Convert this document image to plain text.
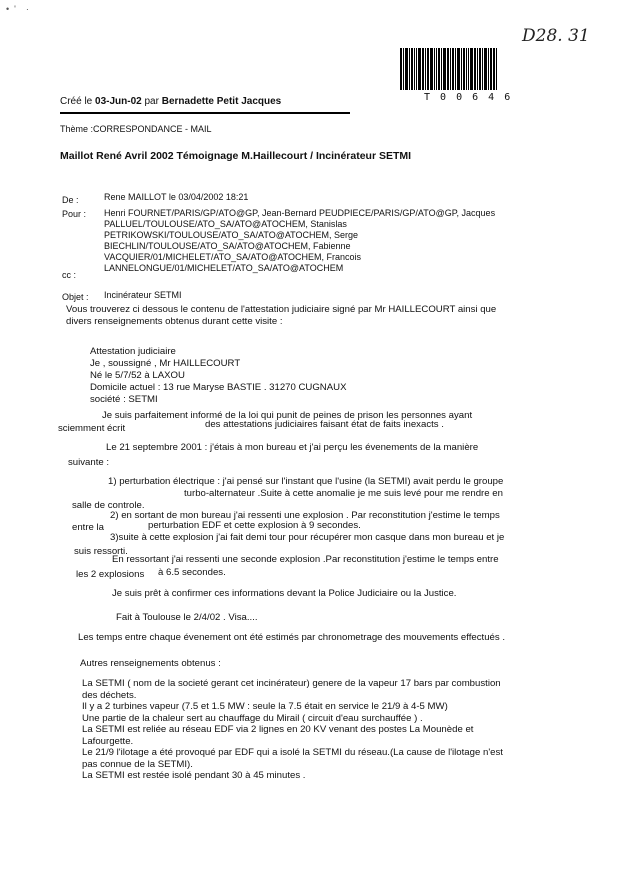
•  '    ·
D28. 31
T 0 0 6 4 6
Créé le 03-Jun-02 par Bernadette Petit Jacques
Thème :CORRESPONDANCE - MAIL
Maillot René Avril 2002 Témoignage M.Haillecourt / Incinérateur SETMI
De :	Rene MAILLOT le 03/04/2002 18:21
Pour : Henri FOURNET/PARIS/GP/ATO@GP, Jean-Bernard PEUDPIECE/PARIS/GP/ATO@GP, Jacques
PALLUEL/TOULOUSE/ATO_SA/ATO@ATOCHEM, Stanislas
PETRIKOWSKI/TOULOUSE/ATO_SA/ATO@ATOCHEM, Serge
BIECHLIN/TOULOUSE/ATO_SA/ATO@ATOCHEM, Fabienne
VACQUIER/01/MICHELET/ATO_SA/ATO@ATOCHEM, Francois
LANNELONGUE/01/MICHELET/ATO_SA/ATO@ATOCHEM
cc :
Objet : Incinérateur SETMI
Vous trouverez ci dessous le contenu de l'attestation judiciaire signé par Mr HAILLECOURT ainsi que
divers renseignements obtenus durant cette visite :
Attestation judiciaire
Je , soussigné , Mr HAILLECOURT
Né le 5/7/52 à LAXOU
Domicile actuel : 13 rue Maryse BASTIE . 31270 CUGNAUX
société : SETMI
Je suis parfaitement informé de la loi qui punit de peines de prison les personnes ayant
sciemment écrit	des attestations judiciaires faisant état de faits inexacts .
Le 21 septembre 2001 : j'étais à mon bureau et j'ai perçu les évenements de la manière
suivante :
1) perturbation électrique : j'ai pensé sur l'instant que l'usine (la SETMI) avait perdu le groupe
turbo-alternateur .Suite à cette anomalie je me suis levé pour me rendre en
salle de controle.
2) en sortant de mon bureau j'ai ressenti une explosion . Par reconstitution j'estime le temps
entre la	perturbation EDF et cette explosion à 9 secondes.
3)suite à cette explosion j'ai fait demi tour pour récupérer mon casque dans mon bureau et je
suis ressorti.
En ressortant j'ai ressenti une seconde explosion .Par reconstitution j'estime le temps entre
les 2 explosions à 6.5 secondes.
Je suis prêt à confirmer ces informations devant la Police Judiciaire ou la Justice.
Fait à Toulouse le 2/4/02 . Visa....
Les temps entre chaque évenement ont été estimés par chronometrage des mouvements effectués .
Autres renseignements obtenus :
La SETMI ( nom de la societé gerant cet incinérateur) genere de la vapeur 17 bars par combustion
des déchets.
Il y a 2 turbines vapeur (7.5 et 1.5 MW : seule la 7.5 était en service le 21/9 à 4-5 MW)
Une partie de la chaleur sert au chauffage du Mirail ( circuit d'eau surchauffée ) .
La SETMI est reliée au réseau EDF via 2 lignes en 20 KV venant des postes La Mounède et
Lafourgette.
Le 21/9 l'ilotage a été provoqué par EDF qui a isolé la SETMI du réseau.(La cause de l'ilotage n'est
pas connue de la SETMI).
La SETMI est restée isolé pendant 30 à 45 minutes .
